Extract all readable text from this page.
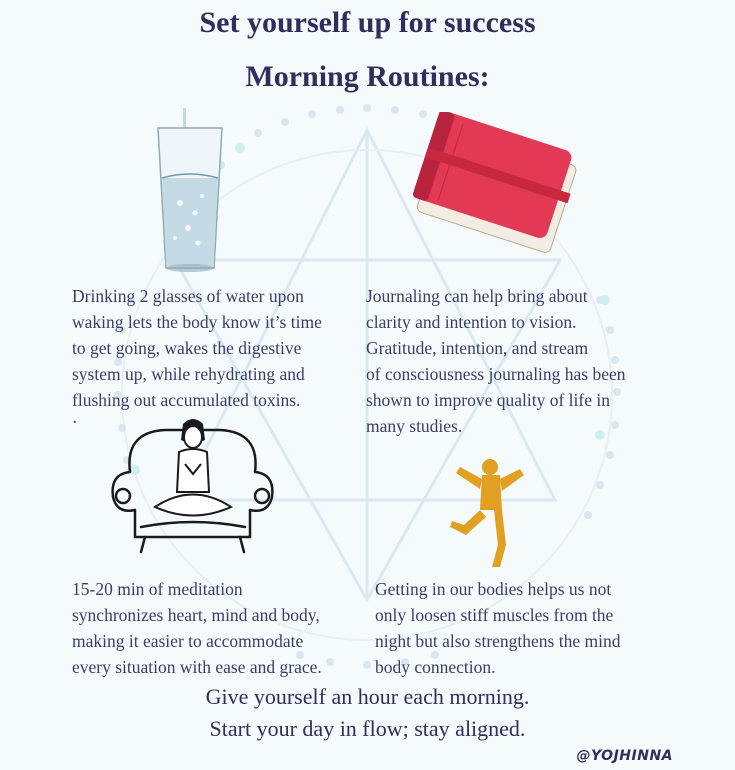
Set yourself up for success
Morning Routines:
Drinking 2 glasses of water upon
waking lets the body know it’s time
to get going, wakes the digestive
system up, while rehydrating and
flushing out accumulated toxins.
.
Journaling can help bring about
clarity and intention to vision.
Gratitude, intention, and stream
of consciousness journaling has been
shown to improve quality of life in
many studies.
15-20 min of meditation
synchronizes heart, mind and body,
making it easier to accommodate
every situation with ease and grace.
Getting in our bodies helps us not
only loosen stiff muscles from the
night but also strengthens the mind
body connection.
Give yourself an hour each morning.
Start your day in flow; stay aligned.
@YOJHINNA
